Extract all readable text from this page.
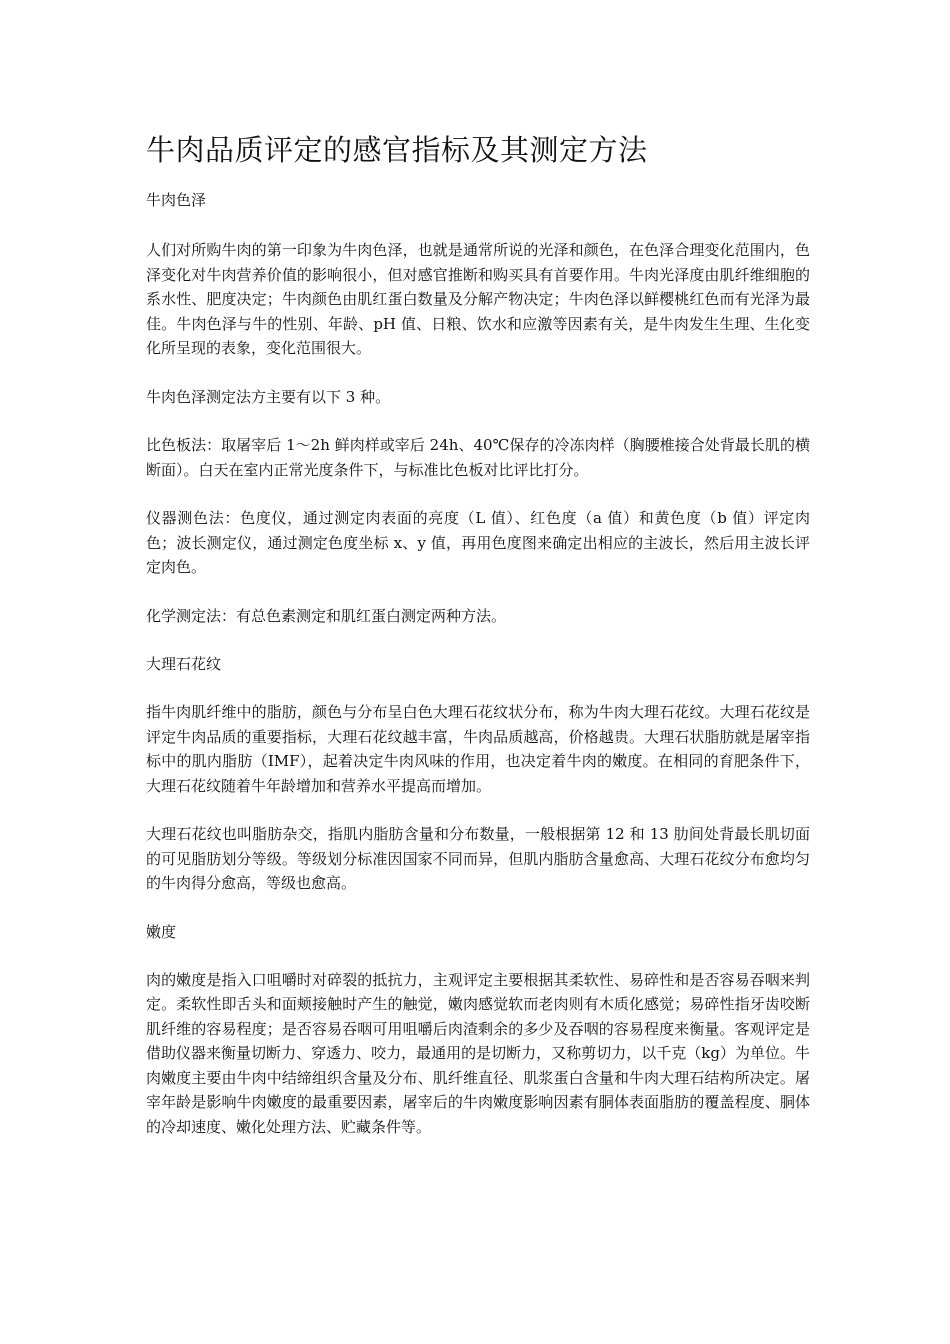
牛肉品质评定的感官指标及其测定方法
牛肉色泽

人们对所购牛肉的第一印象为牛肉色泽，也就是通常所说的光泽和颜色，在色泽合理变化范围内，色泽变化对牛肉营养价值的影响很小，但对感官推断和购买具有首要作用。牛肉光泽度由肌纤维细胞的系水性、肥度决定；牛肉颜色由肌红蛋白数量及分解产物决定；牛肉色泽以鲜樱桃红色而有光泽为最佳。牛肉色泽与牛的性别、年龄、pH 值、日粮、饮水和应激等因素有关，是牛肉发生生理、生化变化所呈现的表象，变化范围很大。

牛肉色泽测定法方主要有以下 3 种。

比色板法：取屠宰后 1～2h 鲜肉样或宰后 24h、40℃保存的冷冻肉样（胸腰椎接合处背最长肌的横断面）。白天在室内正常光度条件下，与标准比色板对比评比打分。

仪器测色法：色度仪，通过测定肉表面的亮度（L 值）、红色度（a 值）和黄色度（b 值）评定肉色；波长测定仪，通过测定色度坐标 x、y 值，再用色度图来确定出相应的主波长，然后用主波长评定肉色。

化学测定法：有总色素测定和肌红蛋白测定两种方法。

大理石花纹

指牛肉肌纤维中的脂肪，颜色与分布呈白色大理石花纹状分布，称为牛肉大理石花纹。大理石花纹是评定牛肉品质的重要指标，大理石花纹越丰富，牛肉品质越高，价格越贵。大理石状脂肪就是屠宰指标中的肌内脂肪（IMF），起着决定牛肉风味的作用，也决定着牛肉的嫩度。在相同的育肥条件下，大理石花纹随着牛年龄增加和营养水平提高而增加。

大理石花纹也叫脂肪杂交，指肌内脂肪含量和分布数量，一般根据第 12 和 13 肋间处背最长肌切面的可见脂肪划分等级。等级划分标准因国家不同而异，但肌内脂肪含量愈高、大理石花纹分布愈均匀的牛肉得分愈高，等级也愈高。

嫩度

肉的嫩度是指入口咀嚼时对碎裂的抵抗力，主观评定主要根据其柔软性、易碎性和是否容易吞咽来判定。柔软性即舌头和面颊接触时产生的触觉，嫩肉感觉软而老肉则有木质化感觉；易碎性指牙齿咬断肌纤维的容易程度；是否容易吞咽可用咀嚼后肉渣剩余的多少及吞咽的容易程度来衡量。客观评定是借助仪器来衡量切断力、穿透力、咬力，最通用的是切断力，又称剪切力，以千克（kg）为单位。牛肉嫩度主要由牛肉中结缔组织含量及分布、肌纤维直径、肌浆蛋白含量和牛肉大理石结构所决定。屠宰年龄是影响牛肉嫩度的最重要因素，屠宰后的牛肉嫩度影响因素有胴体表面脂肪的覆盖程度、胴体的冷却速度、嫩化处理方法、贮藏条件等。
